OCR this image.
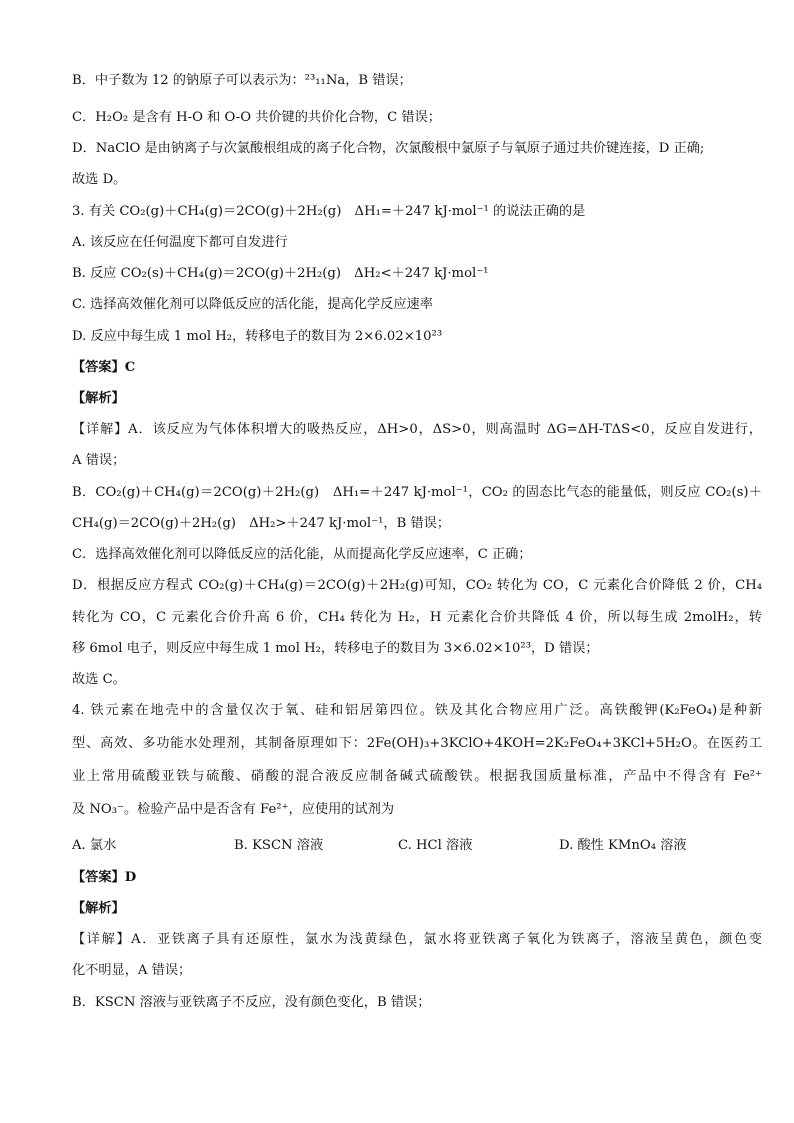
B．中子数为 12 的钠原子可以表示为：²³₁₁Na，B 错误；
C．H₂O₂ 是含有 H-O 和 O-O 共价键的共价化合物，C 错误；
D．NaClO 是由钠离子与次氯酸根组成的离子化合物，次氯酸根中氯原子与氧原子通过共价键连接，D 正确;
故选 D。
3. 有关 CO₂(g)＋CH₄(g)＝2CO(g)＋2H₂(g)　ΔH₁=＋247 kJ·mol⁻¹ 的说法正确的是
A. 该反应在任何温度下都可自发进行
B. 反应 CO₂(s)＋CH₄(g)＝2CO(g)＋2H₂(g)　ΔH₂<＋247 kJ·mol⁻¹
C. 选择高效催化剂可以降低反应的活化能，提高化学反应速率
D. 反应中每生成 1 mol H₂，转移电子的数目为 2×6.02×10²³
【答案】C
【解析】
【详解】A．该反应为气体体积增大的吸热反应，ΔH>0，ΔS>0，则高温时 ΔG=ΔH-TΔS<0，反应自发进行，
A 错误；
B．CO₂(g)＋CH₄(g)＝2CO(g)＋2H₂(g)　ΔH₁=＋247 kJ·mol⁻¹，CO₂ 的固态比气态的能量低，则反应 CO₂(s)＋
CH₄(g)＝2CO(g)＋2H₂(g)　ΔH₂>＋247 kJ·mol⁻¹，B 错误；
C．选择高效催化剂可以降低反应的活化能，从而提高化学反应速率，C 正确；
D．根据反应方程式 CO₂(g)＋CH₄(g)＝2CO(g)＋2H₂(g)可知，CO₂ 转化为 CO，C 元素化合价降低 2 价，CH₄
转化为 CO，C 元素化合价升高 6 价，CH₄ 转化为 H₂，H 元素化合价共降低 4 价，所以每生成 2molH₂，转
移 6mol 电子，则反应中每生成 1 mol H₂，转移电子的数目为 3×6.02×10²³，D 错误；
故选 C。
4. 铁元素在地壳中的含量仅次于氧、硅和铝居第四位。铁及其化合物应用广泛。高铁酸钾(K₂FeO₄)是种新
型、高效、多功能水处理剂，其制备原理如下：2Fe(OH)₃+3KClO+4KOH=2K₂FeO₄+3KCl+5H₂O。在医药工
业上常用硫酸亚铁与硫酸、硝酸的混合液反应制备碱式硫酸铁。根据我国质量标准，产品中不得含有 Fe²⁺
及 NO₃⁻。检验产品中是否含有 Fe²⁺，应使用的试剂为
A. 氯水	B. KSCN 溶液	C. HCl 溶液	D. 酸性 KMnO₄ 溶液
【答案】D
【解析】
【详解】A．亚铁离子具有还原性，氯水为浅黄绿色，氯水将亚铁离子氧化为铁离子，溶液呈黄色，颜色变
化不明显，A 错误；
B．KSCN 溶液与亚铁离子不反应，没有颜色变化，B 错误；
